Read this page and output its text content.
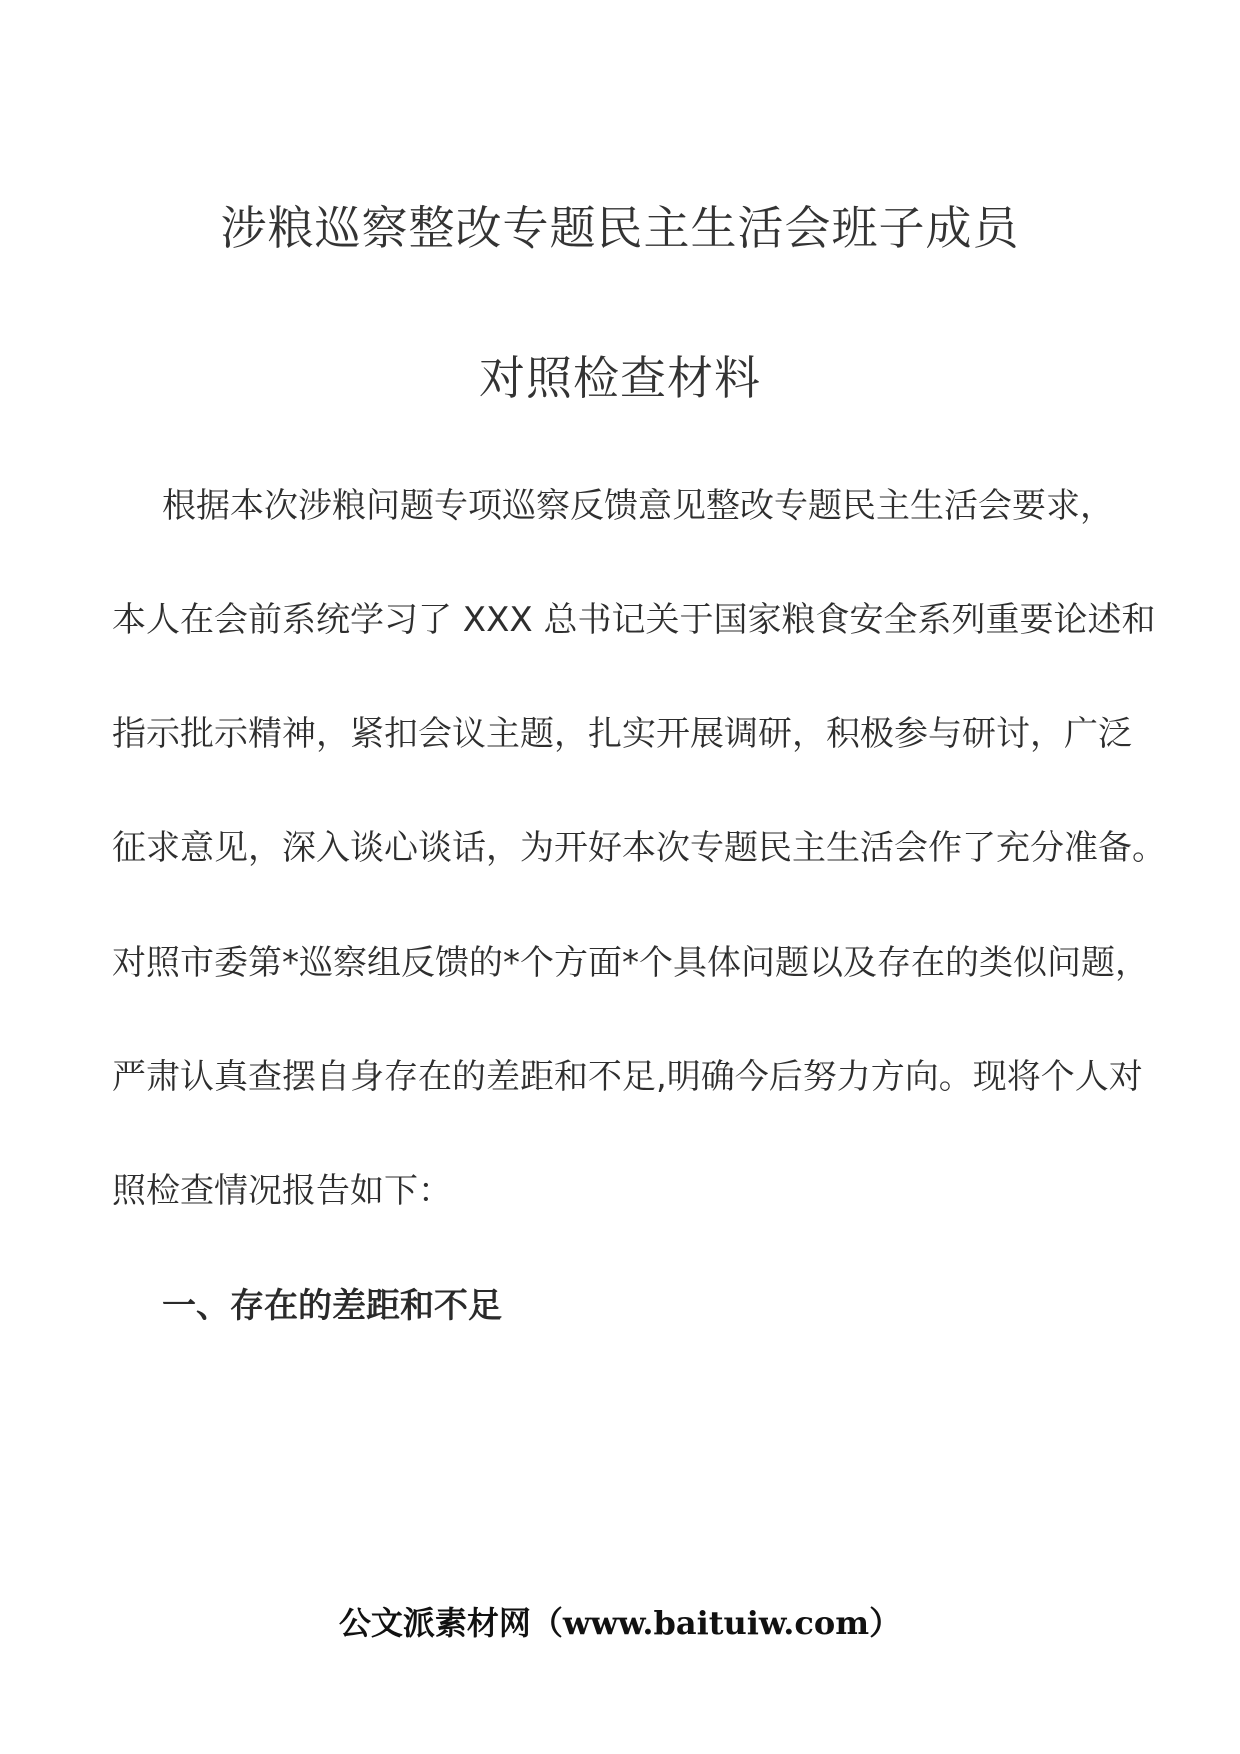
涉粮巡察整改专题民主生活会班子成员
对照检查材料
根据本次涉粮问题专项巡察反馈意见整改专题民主生活会要求，
本人在会前系统学习了 XXX 总书记关于国家粮食安全系列重要论述和
指示批示精神，紧扣会议主题，扎实开展调研，积极参与研讨，广泛
征求意见，深入谈心谈话，为开好本次专题民主生活会作了充分准备。
对照市委第*巡察组反馈的*个方面*个具体问题以及存在的类似问题，
严肃认真查摆自身存在的差距和不足,明确今后努力方向。现将个人对
照检查情况报告如下：
一、存在的差距和不足
公文派素材网（www.baituiw.com）
